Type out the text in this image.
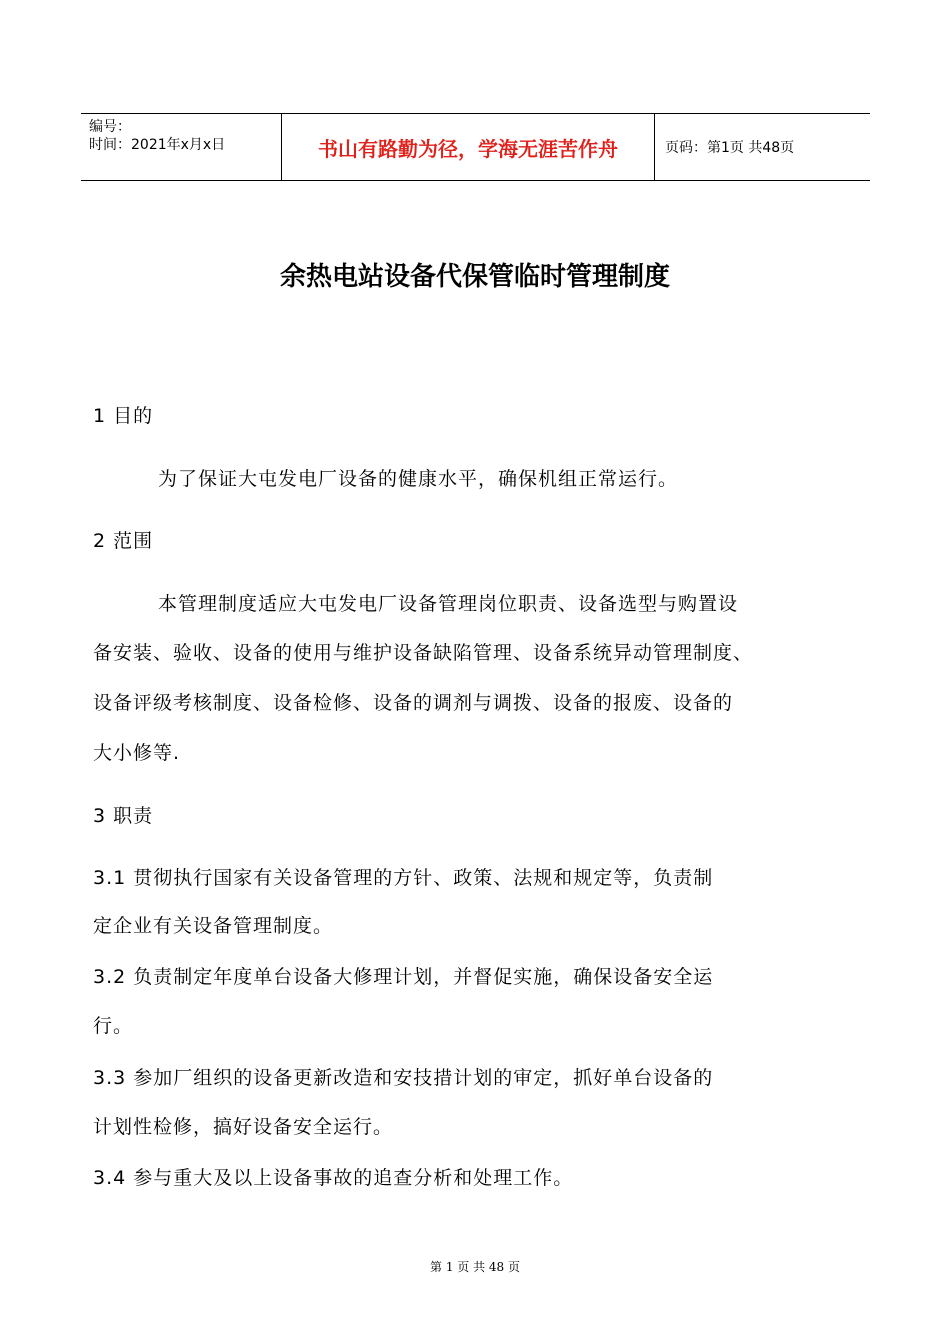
编号：
时间：2021年x月x日	书山有路勤为径，学海无涯苦作舟	页码：第1页 共48页
余热电站设备代保管临时管理制度
1 目的
为了保证大屯发电厂设备的健康水平，确保机组正常运行。
2 范围
本管理制度适应大屯发电厂设备管理岗位职责、设备选型与购置设
备安装、验收、设备的使用与维护设备缺陷管理、设备系统异动管理制度、
设备评级考核制度、设备检修、设备的调剂与调拨、设备的报废、设备的
大小修等.
3 职责
3.1 贯彻执行国家有关设备管理的方针、政策、法规和规定等，负责制
定企业有关设备管理制度。
3.2 负责制定年度单台设备大修理计划，并督促实施，确保设备安全运
行。
3.3 参加厂组织的设备更新改造和安技措计划的审定，抓好单台设备的
计划性检修，搞好设备安全运行。
3.4 参与重大及以上设备事故的追查分析和处理工作。
第 1 页 共 48 页
